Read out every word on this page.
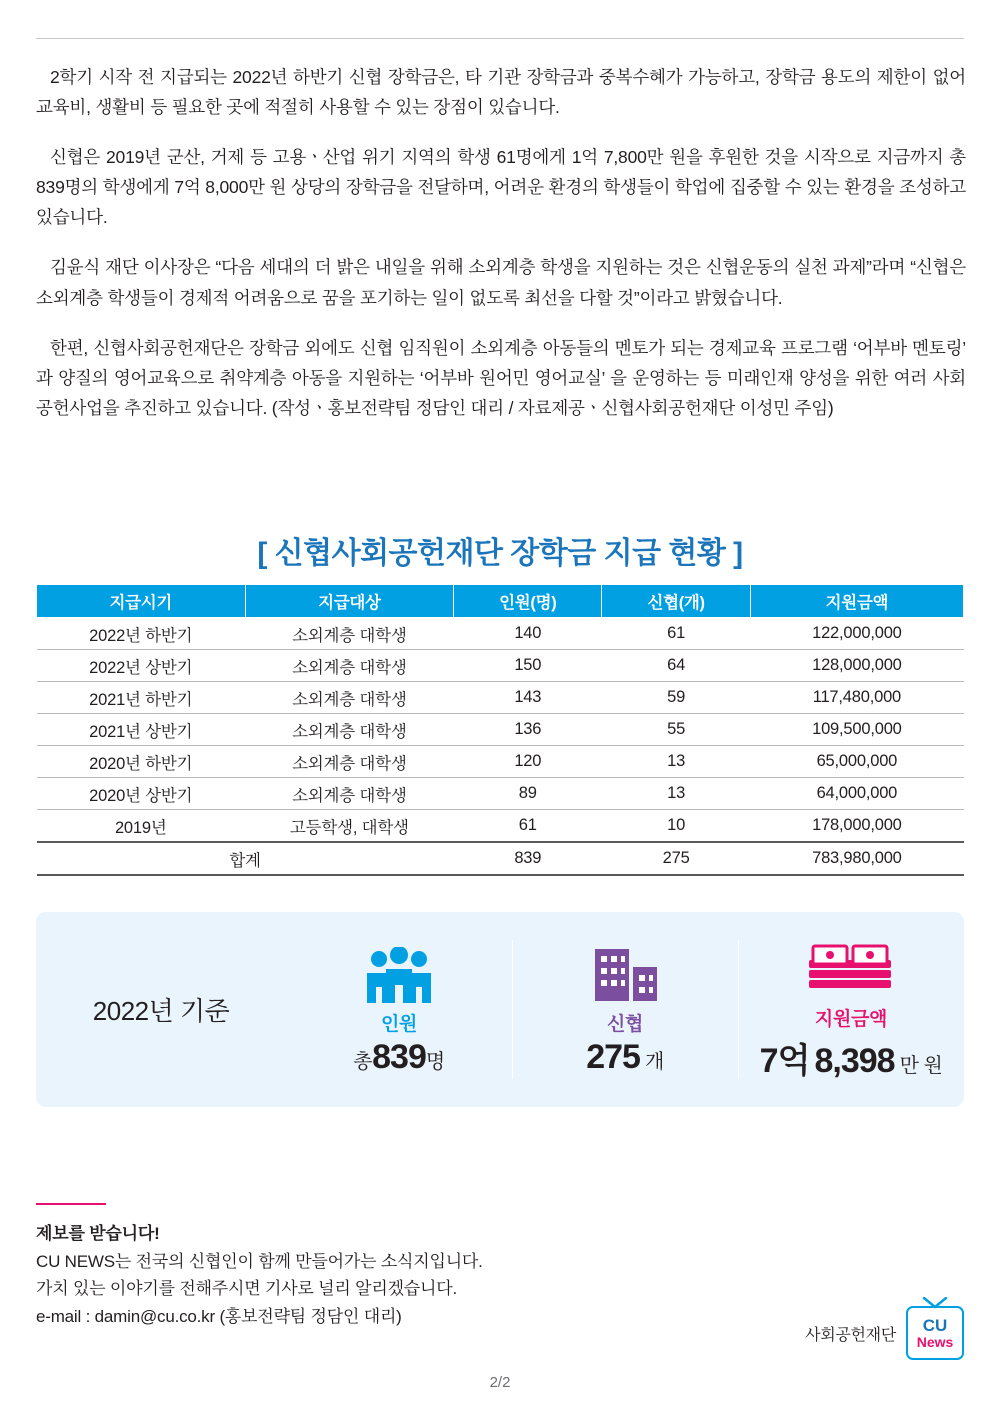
2학기 시작 전 지급되는 2022년 하반기 신협 장학금은, 타 기관 장학금과 중복수혜가 가능하고, 장학금 용도의 제한이 없어 교육비, 생활비 등 필요한 곳에 적절히 사용할 수 있는 장점이 있습니다.

신협은 2019년 군산, 거제 등 고용ㆍ산업 위기 지역의 학생 61명에게 1억 7,800만 원을 후원한 것을 시작으로 지금까지 총 839명의 학생에게 7억 8,000만 원 상당의 장학금을 전달하며, 어려운 환경의 학생들이 학업에 집중할 수 있는 환경을 조성하고 있습니다.

김윤식 재단 이사장은 “다음 세대의 더 밝은 내일을 위해 소외계층 학생을 지원하는 것은 신협운동의 실천 과제”라며 “신협은 소외계층 학생들이 경제적 어려움으로 꿈을 포기하는 일이 없도록 최선을 다할 것”이라고 밝혔습니다.

한편, 신협사회공헌재단은 장학금 외에도 신협 임직원이 소외계층 아동들의 멘토가 되는 경제교육 프로그램 ‘어부바 멘토링’ 과 양질의 영어교육으로 취약계층 아동을 지원하는 ‘어부바 원어민 영어교실’ 을 운영하는 등 미래인재 양성을 위한 여러 사회공헌사업을 추진하고 있습니다. (작성ㆍ홍보전략팀 정담인 대리 / 자료제공ㆍ신협사회공헌재단 이성민 주임)

[ 신협사회공헌재단 장학금 지급 현황 ]
지급시기	지급대상	인원(명)	신협(개)	지원금액
2022년 하반기	소외계층 대학생	140	61	122,000,000
2022년 상반기	소외계층 대학생	150	64	128,000,000
2021년 하반기	소외계층 대학생	143	59	117,480,000
2021년 상반기	소외계층 대학생	136	55	109,500,000
2020년 하반기	소외계층 대학생	120	13	65,000,000
2020년 상반기	소외계층 대학생	89	13	64,000,000
2019년	고등학생, 대학생	61	10	178,000,000
합계		839	275	783,980,000
2022년 기준	인원
총839명
신협
275 개
지원금액
7억 8,398 만 원
제보를 받습니다!
CU NEWS는 전국의 신협인이 함께 만들어가는 소식지입니다.
가치 있는 이야기를 전해주시면 기사로 널리 알리겠습니다.
e-mail : damin@cu.co.kr (홍보전략팀 정담인 대리)
사회공헌재단
CU
News
2/2
